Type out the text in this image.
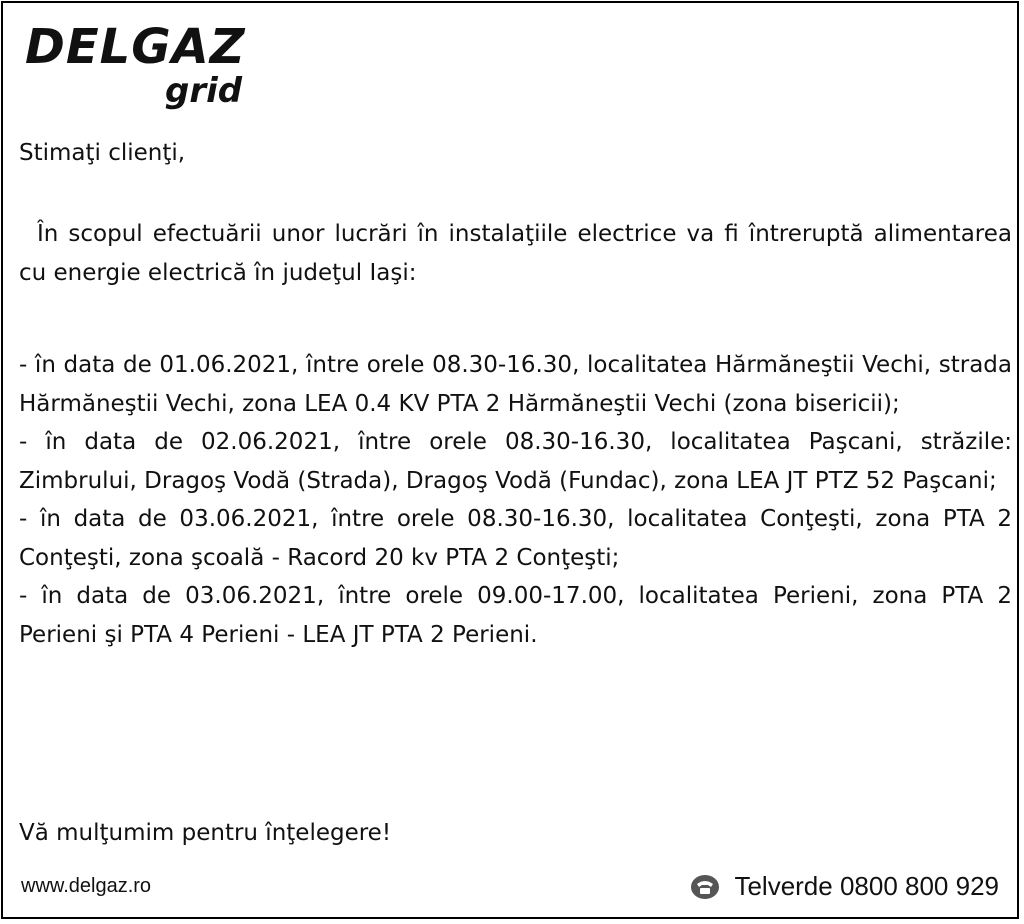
DELGAZ
grid
Stimaţi clienţi,
În scopul efectuării unor lucrări în instalaţiile electrice va fi întreruptă alimentarea cu energie electrică în judeţul Iaşi:
- în data de 01.06.2021, între orele 08.30-16.30, localitatea Hărmăneştii Vechi, strada Hărmăneştii Vechi, zona LEA 0.4 KV PTA 2 Hărmăneştii Vechi (zona bisericii);
- în data de 02.06.2021, între orele 08.30-16.30, localitatea Paşcani, străzile: Zimbrului, Dragoş Vodă (Strada), Dragoş Vodă (Fundac), zona LEA JT PTZ 52 Paşcani;
- în data de 03.06.2021, între orele 08.30-16.30, localitatea Conţeşti, zona PTA 2 Conţeşti, zona şcoală - Racord 20 kv PTA 2 Conţeşti;
- în data de 03.06.2021, între orele 09.00-17.00, localitatea Perieni, zona PTA 2 Perieni şi PTA 4 Perieni - LEA JT PTA 2 Perieni.
Vă mulţumim pentru înţelegere!
www.delgaz.ro	Telverde 0800 800 929
